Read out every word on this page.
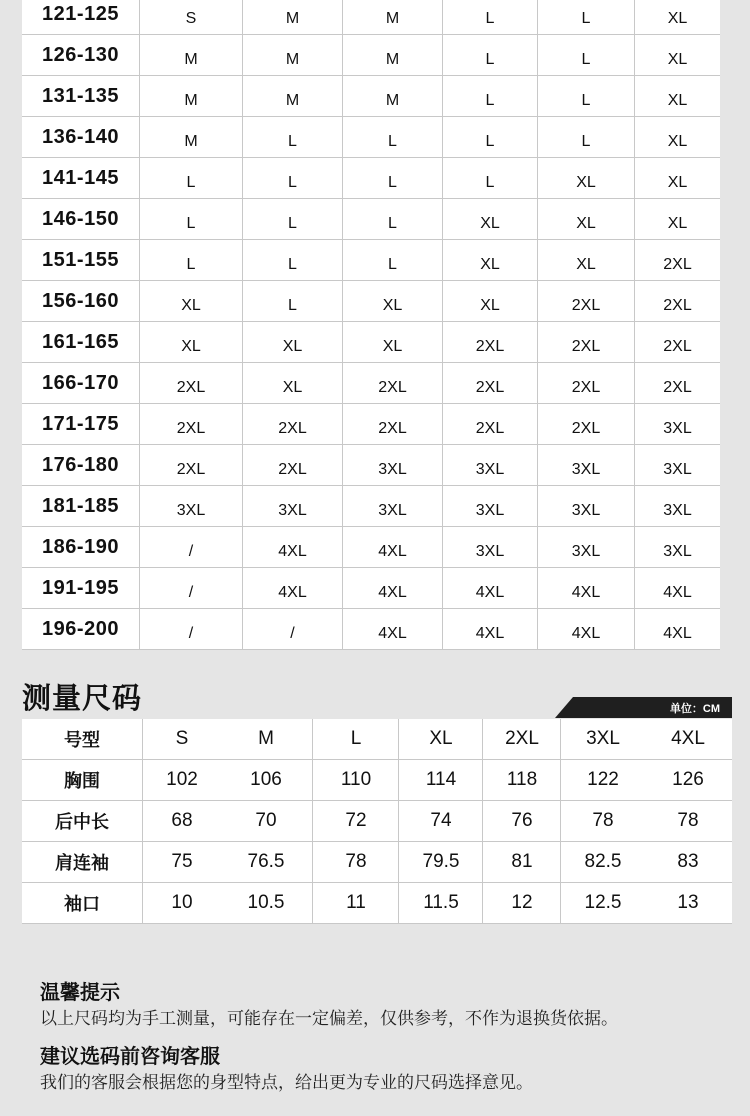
121-125	S	M	M	L	L	XL
126-130	M	M	M	L	L	XL
131-135	M	M	M	L	L	XL
136-140	M	L	L	L	L	XL
141-145	L	L	L	L	XL	XL
146-150	L	L	L	XL	XL	XL
151-155	L	L	L	XL	XL	2XL
156-160	XL	L	XL	XL	2XL	2XL
161-165	XL	XL	XL	2XL	2XL	2XL
166-170	2XL	XL	2XL	2XL	2XL	2XL
171-175	2XL	2XL	2XL	2XL	2XL	3XL
176-180	2XL	2XL	3XL	3XL	3XL	3XL
181-185	3XL	3XL	3XL	3XL	3XL	3XL
186-190	/	4XL	4XL	3XL	3XL	3XL
191-195	/	4XL	4XL	4XL	4XL	4XL
196-200	/	/	4XL	4XL	4XL	4XL
测量尺码	单位：CM
号型	S	M	L	XL	2XL	3XL	4XL
胸围	102	106	110	114	118	122	126
后中长	68	70	72	74	76	78	78
肩连袖	75	76.5	78	79.5	81	82.5	83
袖口	10	10.5	11	11.5	12	12.5	13
温馨提示
以上尺码均为手工测量，可能存在一定偏差，仅供参考，不作为退换货依据。
建议选码前咨询客服
我们的客服会根据您的身型特点，给出更为专业的尺码选择意见。
